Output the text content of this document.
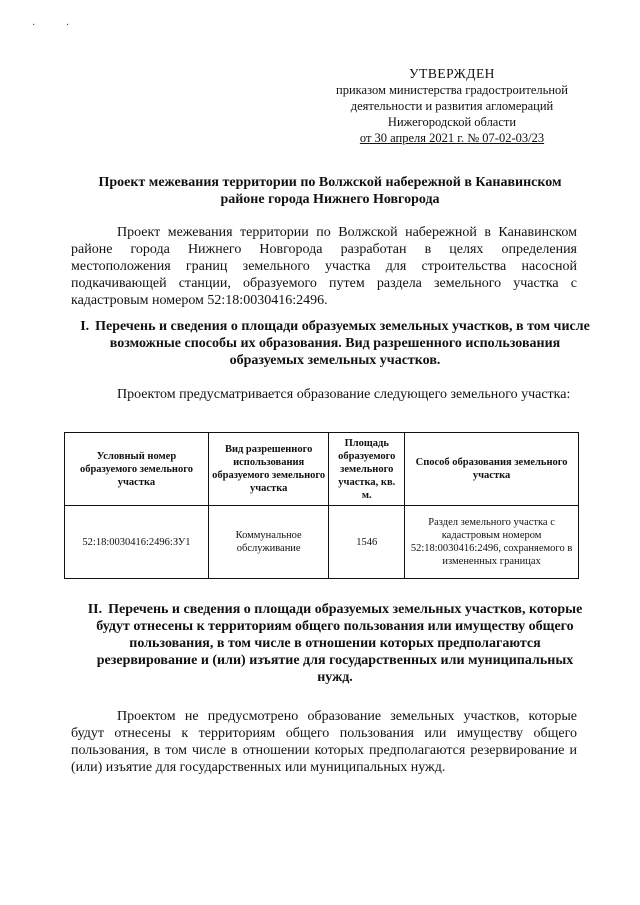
· ·
УТВЕРЖДЕН
приказом министерства градостроительной
деятельности и развития агломераций
Нижегородской области
от 30 апреля 2021 г. № 07-02-03/23
Проект межевания территории по Волжской набережной в Канавинском
районе города Нижнего Новгорода
Проект межевания территории по Волжской набережной в Канавинском районе города Нижнего Новгорода разработан в целях определения местоположения границ земельного участка для строительства насосной подкачивающей станции, образуемого путем раздела земельного участка с кадастровым номером 52:18:0030416:2496.
I. Перечень и сведения о площади образуемых земельных участков, в том числе возможные способы их образования. Вид разрешенного использования образуемых земельных участков.
Проектом предусматривается образование следующего земельного участка:
Условный номер образуемого земельного участка	Вид разрешенного использования образуемого земельного участка	Площадь образуемого земельного участка, кв. м.	Способ образования земельного участка
52:18:0030416:2496:ЗУ1	Коммунальное обслуживание	1546	Раздел земельного участка с кадастровым номером 52:18:0030416:2496, сохраняемого в измененных границах
II. Перечень и сведения о площади образуемых земельных участков, которые будут отнесены к территориям общего пользования или имуществу общего пользования, в том числе в отношении которых предполагаются резервирование и (или) изъятие для государственных или муниципальных нужд.
Проектом не предусмотрено образование земельных участков, которые будут отнесены к территориям общего пользования или имуществу общего пользования, в том числе в отношении которых предполагаются резервирование и (или) изъятие для государственных или муниципальных нужд.
